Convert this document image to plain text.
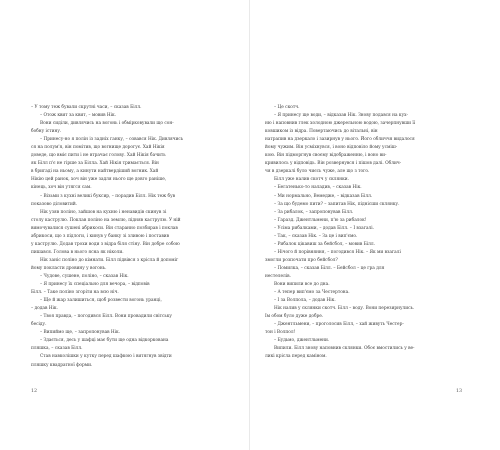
– У тому теж бували скрутні часи, – сказав Білл.
– Отож квит за квит, – мовив Нік.
Вони сиділи, дивлячись на вогонь і обмірковували що сон-
бобну істину.
– Принесу-но я полін із задніх ганку, – озвався Нік. Дивлячись
ся на полум'я, він помітив, що вогнище дорогує. Хай Нікія
доведе, що вміє пити і не втрачає голову. Хай Нікія бачить
як Білл п'є не гірше за Білла. Хай Нікія тримається. Він
в бригаді на ньому, а кинути найтвердіший вогник. Хай
Нікію цей ранок, хоч він уже задля нього ще довго раніше,
кінець, хоч він утягся сам.
– Візьми з кухні великі буксир, – порадив Білл. Нік теж був
показово діловитий.
Нік узяв поліно, зайшов на кухню і ненавидів скинув зі
столу каструлю. Поклав поліно на землю, підняв каструлю. У ній
вимочувалися сушені абрикоси. Він старанно позбирав і поклав
абрикоси, що з підлоги, і кинув у банку зі зливою і поставив
у каструлю. Додав трохи води з відра біля стіну. Він добре собою
пишався. Голова в нього ясна як ніколи.
Нік заніс поліно до кімнати. Білл підвівся з крісла й допоміг
йому покласти дровину у вогонь.
– Чудове, сушене, поліно, – сказав Нік.
– Я принесу їх спеціально для вечора, – відповів
Білл. – Таке поліно згоріти на всю ніч.
– Ще й жар залишиться, щоб розвести вогонь уранці,
– додав Нік.
– Твоя правда, – погодився Білл. Вони провадили світську
бесіду.
– Випиймо ще, – запропонував Нік.
– Здається, десь у шафці має бути ще одна відкоркована
пляшка, – сказав Білл.
Став навколішки у кутку перед шафкою і витягнув звідти
пляшку квадратної форми.
12
– Це скотч.
– Я принесу ще води, – відказав Нік. Знову подався на кух-
ню і наповнив глек холодною джерельною водою, зачерпнувши її
ковшиком із відра. Повертаючись до вітальні, він
натрапив на дзеркало і зазирнув у нього. Його обличчя видалося
йому чужим. Він усміхнувся, і воно відповіло йому усміш-
кою. Він підморгнув своєму відображенню, і воно ви-
кривилось у відповідь. Він розвернувся і пішов далі. Облич-
чя в дзеркалі було чиєсь чуже, але що з того.
Білл уже налив скотч у склянки.
– Бегатенько-то наладив, – сказав Нік.
– Ми нормально, Вемедже, – відказав Білл.
– За що будемо пити? – запитав Нік, піднісши склянку.
– За рибалок, – запропонував Білл.
– Гаразд. Джентльмени, п'ю за рибалок!
– Усіма рибалками, – додав Білл. – І взагалі.
– Так, – сказав Нік. – За це і вип'ємо.
– Рибалок цікавиш за бейсбол, – мовив Білл.
– Нічого й порівняння, – погодився Нік. – Як ми взагалі
змогли розпочати про бейсбол?
– Помилка, – сказав Білл. – Бейсбол – це гра для
нестелелів.
Вони випили все до дна.
– А тепер вип'ємо за Честертона.
– І за Волпола, – додав Нік.
Нік налив у склянки скотч. Білл – воду. Вони перезирнулись.
Їм обом було дуже добре.
– Джентльмени, – проголосив Білл, – хай живуть Честер-
тон і Волпол!
– Будьмо, джентльмени.
Випили. Білл знову наповнив склянки. Обоє вмостились у ве-
ликі крісла перед каміном.
13
